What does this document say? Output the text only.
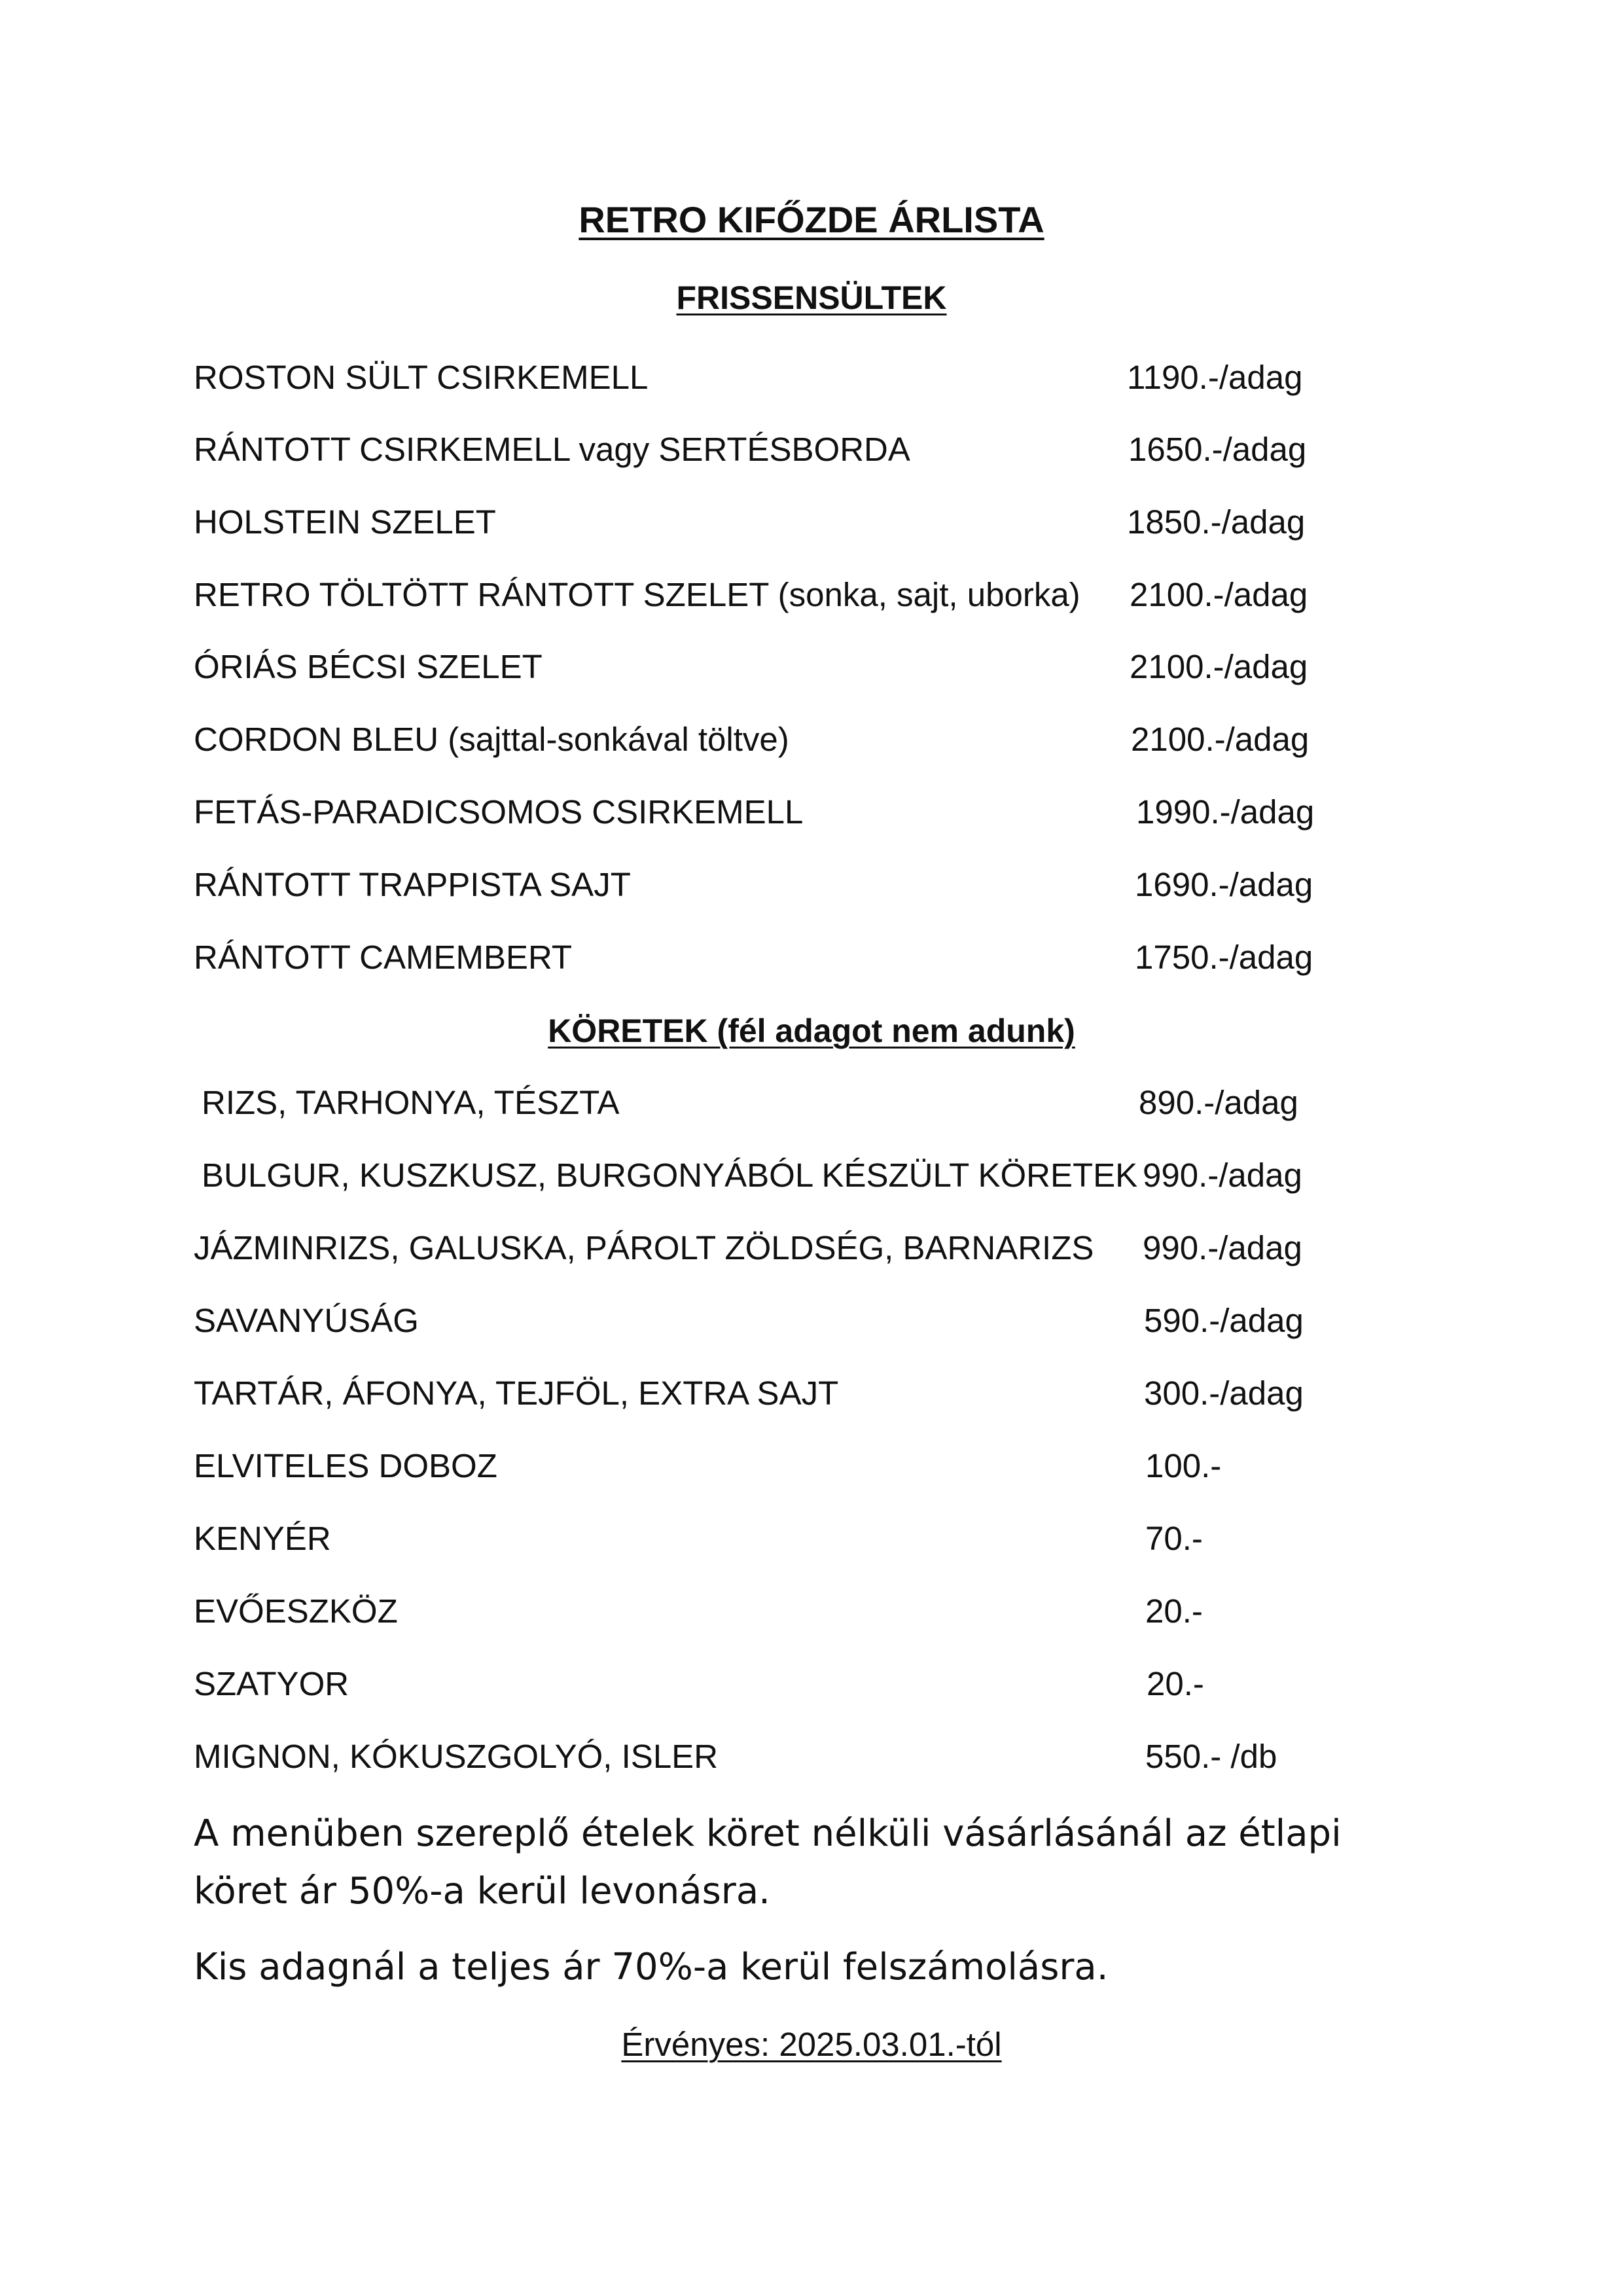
RETRO KIFŐZDE ÁRLISTA
FRISSENSÜLTEK
ROSTON SÜLT CSIRKEMELL	1190.-/adag
RÁNTOTT CSIRKEMELL vagy SERTÉSBORDA	1650.-/adag
HOLSTEIN SZELET	1850.-/adag
RETRO TÖLTÖTT RÁNTOTT SZELET (sonka, sajt, uborka) 2100.-/adag
ÓRIÁS BÉCSI SZELET	2100.-/adag
CORDON BLEU (sajttal-sonkával töltve)	2100.-/adag
FETÁS-PARADICSOMOS CSIRKEMELL	1990.-/adag
RÁNTOTT TRAPPISTA SAJT	1690.-/adag
RÁNTOTT CAMEMBERT	1750.-/adag
KÖRETEK (fél adagot nem adunk)
RIZS, TARHONYA, TÉSZTA	890.-/adag
BULGUR, KUSZKUSZ, BURGONYÁBÓL KÉSZÜLT KÖRETEK 990.-/adag
JÁZMINRIZS, GALUSKA, PÁROLT ZÖLDSÉG, BARNARIZS 990.-/adag
SAVANYÚSÁG	590.-/adag
TARTÁR, ÁFONYA, TEJFÖL, EXTRA SAJT	300.-/adag
ELVITELES DOBOZ	100.-
KENYÉR	70.-
EVŐESZKÖZ	20.-
SZATYOR	20.-
MIGNON, KÓKUSZGOLYÓ, ISLER	550.- /db
A menüben szereplő ételek köret nélküli vásárlásánál az étlapi köret ár 50%-a kerül levonásra.
Kis adagnál a teljes ár 70%-a kerül felszámolásra.
Érvényes: 2025.03.01.-tól
